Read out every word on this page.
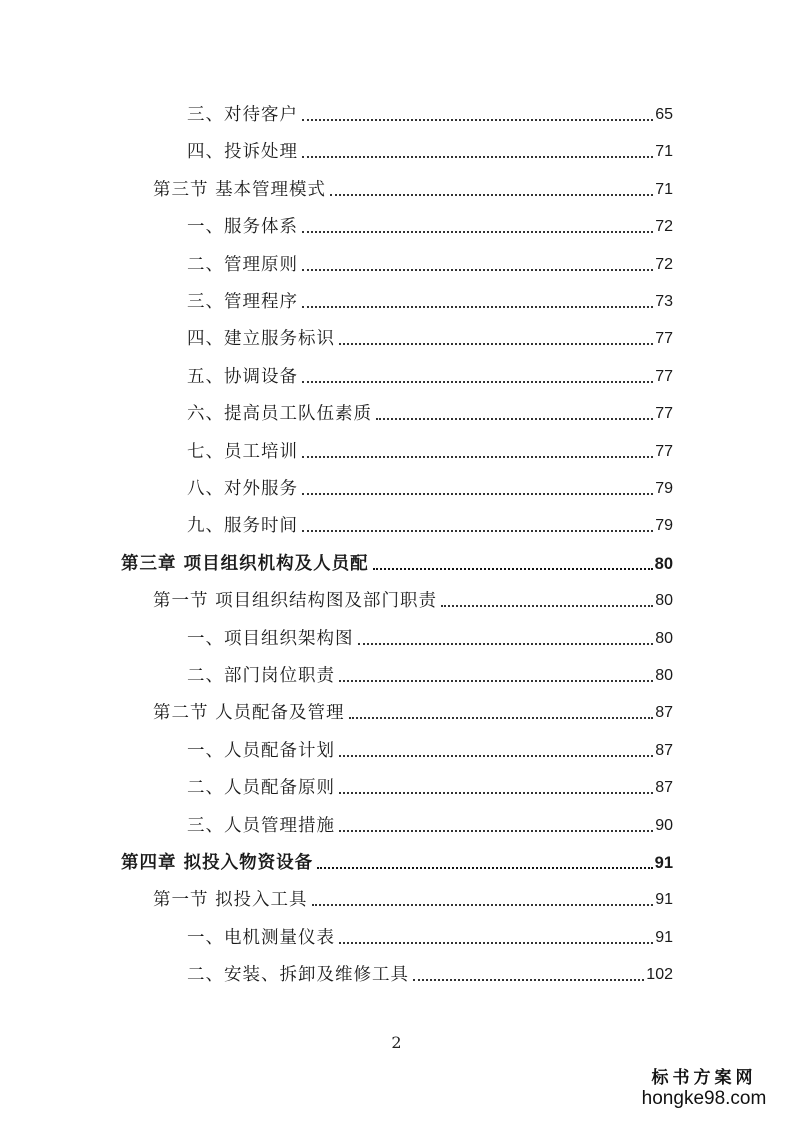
三、对待客户	65
四、投诉处理	71
第三节 基本管理模式	71
一、服务体系	72
二、管理原则	72
三、管理程序	73
四、建立服务标识	77
五、协调设备	77
六、提高员工队伍素质	77
七、员工培训	77
八、对外服务	79
九、服务时间	79
第三章 项目组织机构及人员配	80
第一节 项目组织结构图及部门职责	80
一、项目组织架构图	80
二、部门岗位职责	80
第二节 人员配备及管理	87
一、人员配备计划	87
二、人员配备原则	87
三、人员管理措施	90
第四章 拟投入物资设备	91
第一节 拟投入工具	91
一、电机测量仪表	91
二、安装、拆卸及维修工具	102
2
标书方案网
hongke98.com
